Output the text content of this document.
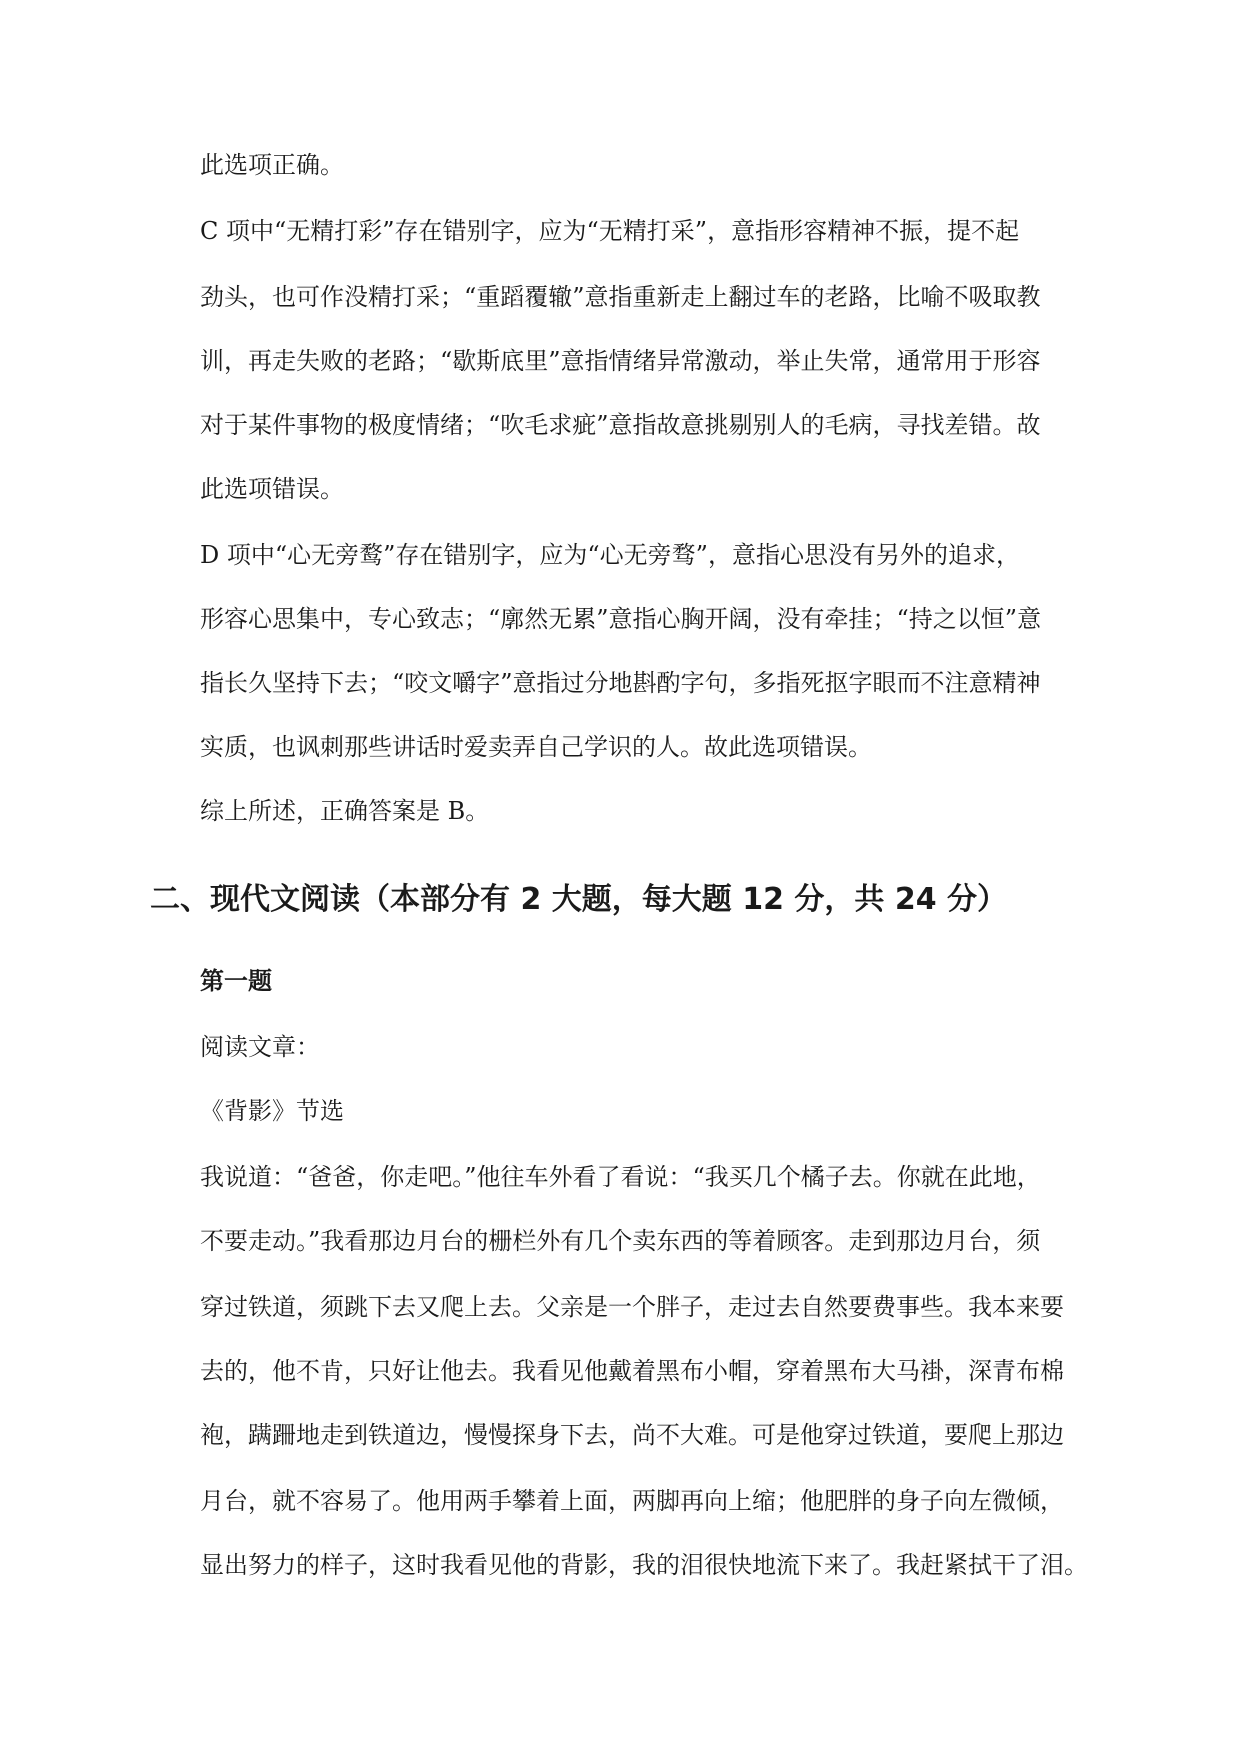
此选项正确。
C 项中“无精打彩”存在错别字，应为“无精打采”，意指形容精神不振，提不起
劲头，也可作没精打采；“重蹈覆辙”意指重新走上翻过车的老路，比喻不吸取教
训，再走失败的老路；“歇斯底里”意指情绪异常激动，举止失常，通常用于形容
对于某件事物的极度情绪；“吹毛求疵”意指故意挑剔别人的毛病，寻找差错。故
此选项错误。
D 项中“心无旁鹜”存在错别字，应为“心无旁骛”，意指心思没有另外的追求，
形容心思集中，专心致志；“廓然无累”意指心胸开阔，没有牵挂；“持之以恒”意
指长久坚持下去；“咬文嚼字”意指过分地斟酌字句，多指死抠字眼而不注意精神
实质，也讽刺那些讲话时爱卖弄自己学识的人。故此选项错误。
综上所述，正确答案是 B。
二、现代文阅读（本部分有 2 大题，每大题 12 分，共 24 分）
第一题
阅读文章：
《背影》节选
我说道：“爸爸，你走吧。”他往车外看了看说：“我买几个橘子去。你就在此地，
不要走动。”我看那边月台的栅栏外有几个卖东西的等着顾客。走到那边月台，须
穿过铁道，须跳下去又爬上去。父亲是一个胖子，走过去自然要费事些。我本来要
去的，他不肯，只好让他去。我看见他戴着黑布小帽，穿着黑布大马褂，深青布棉
袍，蹒跚地走到铁道边，慢慢探身下去，尚不大难。可是他穿过铁道，要爬上那边
月台，就不容易了。他用两手攀着上面，两脚再向上缩；他肥胖的身子向左微倾，
显出努力的样子，这时我看见他的背影，我的泪很快地流下来了。我赶紧拭干了泪。
